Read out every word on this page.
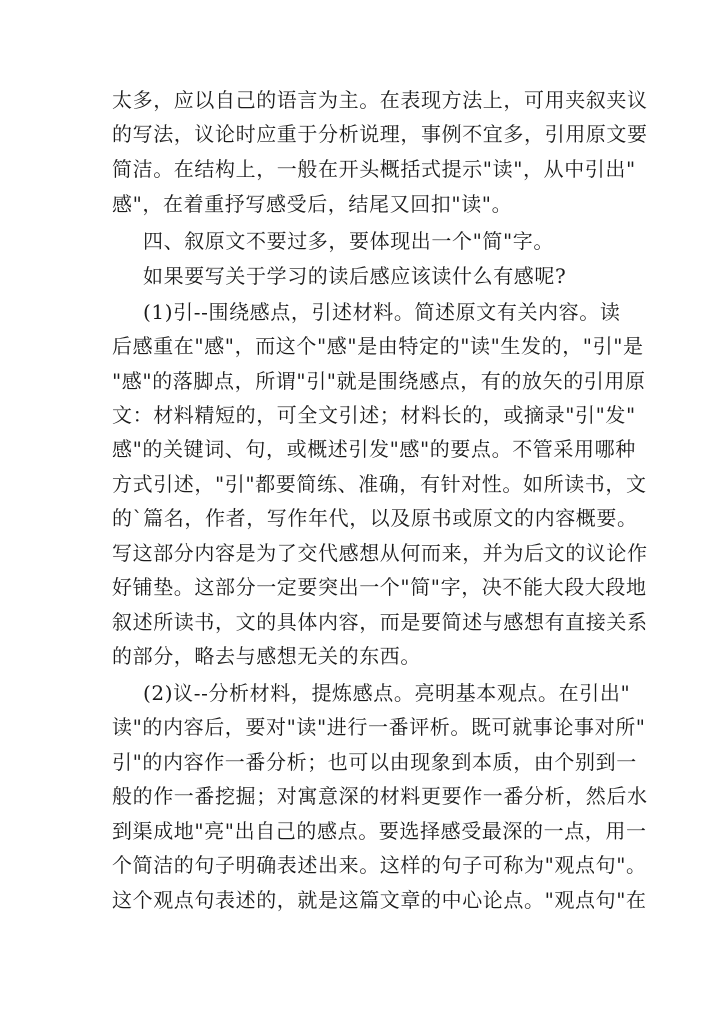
太多，应以自己的语言为主。在表现方法上，可用夹叙夹议
的写法，议论时应重于分析说理，事例不宜多，引用原文要
简洁。在结构上，一般在开头概括式提示"读"，从中引出"
感"，在着重抒写感受后，结尾又回扣"读"。
四、叙原文不要过多，要体现出一个"简"字。
如果要写关于学习的读后感应该读什么有感呢?
(1)引--围绕感点，引述材料。简述原文有关内容。读
后感重在"感"，而这个"感"是由特定的"读"生发的，"引"是
"感"的落脚点，所谓"引"就是围绕感点，有的放矢的引用原
文：材料精短的，可全文引述；材料长的，或摘录"引"发"
感"的关键词、句，或概述引发"感"的要点。不管采用哪种
方式引述，"引"都要简练、准确，有针对性。如所读书，文
的`篇名，作者，写作年代，以及原书或原文的内容概要。
写这部分内容是为了交代感想从何而来，并为后文的议论作
好铺垫。这部分一定要突出一个"简"字，决不能大段大段地
叙述所读书，文的具体内容，而是要简述与感想有直接关系
的部分，略去与感想无关的东西。
(2)议--分析材料，提炼感点。亮明基本观点。在引出"
读"的内容后，要对"读"进行一番评析。既可就事论事对所"
引"的内容作一番分析；也可以由现象到本质，由个别到一
般的作一番挖掘；对寓意深的材料更要作一番分析，然后水
到渠成地"亮"出自己的感点。要选择感受最深的一点，用一
个简洁的句子明确表述出来。这样的句子可称为"观点句"。
这个观点句表述的，就是这篇文章的中心论点。"观点句"在
